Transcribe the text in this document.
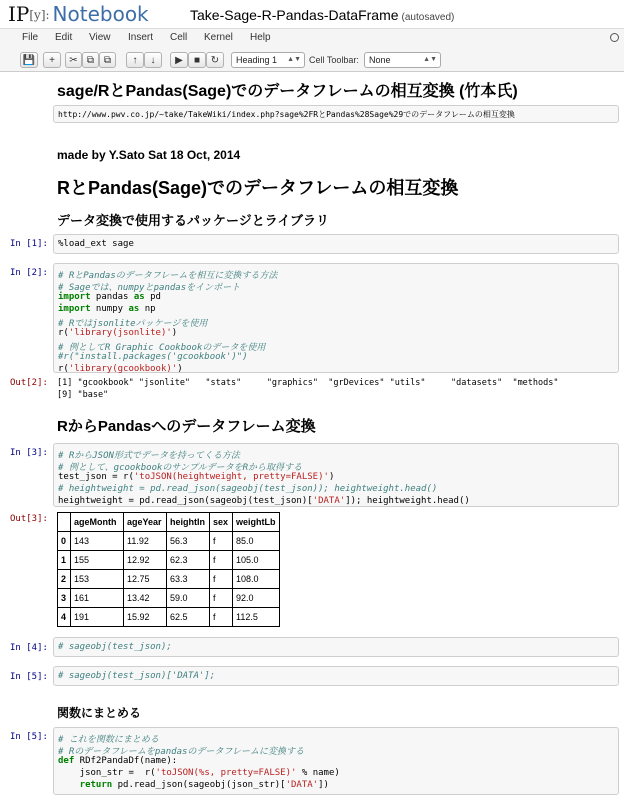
IP[y]: Notebook	Take-Sage-R-Pandas-DataFrame (autosaved)
File Edit View Insert Cell Kernel Help
💾	+	✂ ⧉ ⧉	↑	↓	▶	■	↻	Heading 1 ▲▼ Cell Toolbar:	None	▲▼
sage/RとPandas(Sage)でのデータフレームの相互変換 (竹本氏)
http://www.pwv.co.jp/~take/TakeWiki/index.php?sage%2FRとPandas%28Sage%29でのデータフレームの相互変換
made by Y.Sato Sat 18 Oct, 2014
RとPandas(Sage)でのデータフレームの相互変換
データ変換で使用するパッケージとライブラリ
In [1]: %load_ext sage
In [2]: # RとPandasのデータフレームを相互に変換する方法
# Sageでは、numpyとpandasをインポート
import pandas as pd
import numpy as np
# Rではjsonliteパッケージを使用
r('library(jsonlite)')
# 例としてR Graphic Cookbookのデータを使用
#r("install.packages('gcookbook')")
r('library(gcookbook)')
Out[2]: [1] "gcookbook" "jsonlite"   "stats"     "graphics"  "grDevices" "utils"     "datasets"  "methods"
[9] "base"
RからPandasへのデータフレーム変換
In [3]: # RからJSON形式でデータを持ってくる方法
# 例として、gcookbookのサンプルデータをRから取得する
test_json = r('toJSON(heightweight, pretty=FALSE)')
# heightweight = pd.read_json(sageobj(test_json)); heightweight.head()
heightweight = pd.read_json(sageobj(test_json)['DATA']); heightweight.head()
Out[3]:
		ageMonth	ageYear	heightIn	sex	weightLb
0	143	11.92	56.3	f	85.0
1	155	12.92	62.3	f	105.0
2	153	12.75	63.3	f	108.0
3	161	13.42	59.0	f	92.0
4	191	15.92	62.5	f	112.5
In [4]: # sageobj(test_json);
In [5]: # sageobj(test_json)['DATA'];
関数にまとめる
In [5]: # これを関数にまとめる
# Rのデータフレームをpandasのデータフレームに変換する
def RDf2PandaDf(name):
json_str =  r('toJSON(%s, pretty=FALSE)' % name)
return pd.read_json(sageobj(json_str)['DATA'])
